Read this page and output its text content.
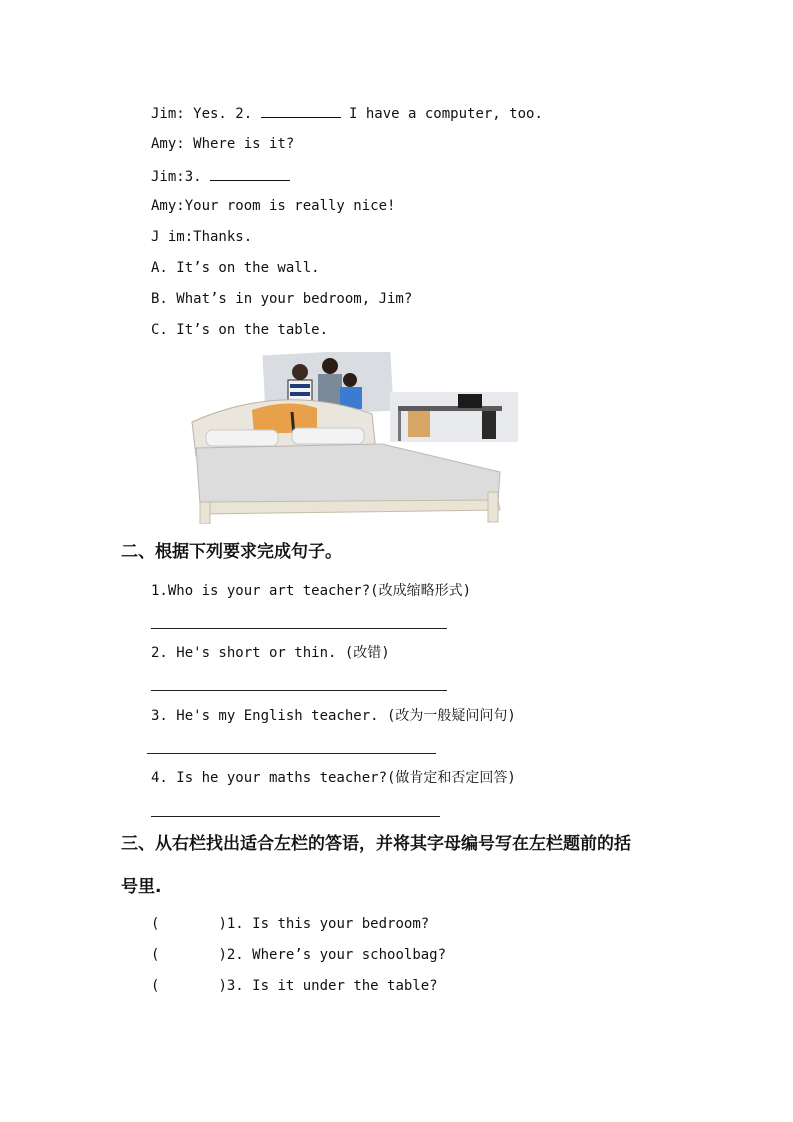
Jim: Yes. 2.	I have a computer, too.
Amy: Where is it?
Jim:3.
Amy:Your room is really nice!
J im:Thanks.
A. It’s on the wall.
B. What’s in your bedroom, Jim?
C. It’s on the table.
二、根据下列要求完成句子。
1.Who is your art teacher?(改成缩略形式)
2. He's short or thin. (改错)
3. He's my English teacher. (改为一般疑问问句)
4. Is he your maths teacher?(做肯定和否定回答)
三、从右栏找出适合左栏的答语，并将其字母编号写在左栏题前的括
号里.
(	)1. Is this your bedroom?
(	)2. Where’s your schoolbag?
(	)3. Is it under the table?
